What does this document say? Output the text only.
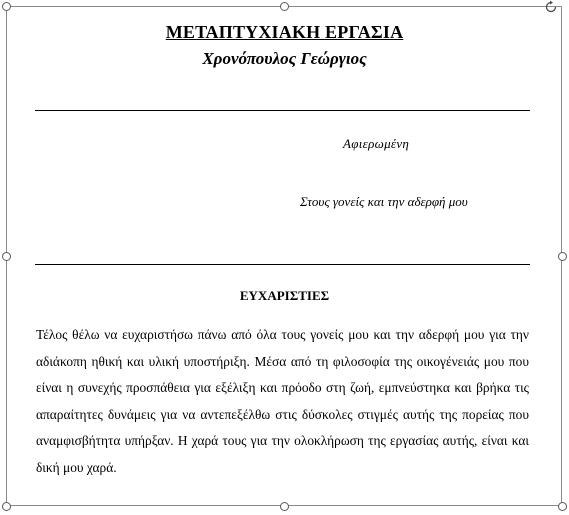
ΜΕΤΑΠΤΥΧΙΑΚΗ ΕΡΓΑΣΙΑ
Χρονόπουλος Γεώργιος
Αφιερωμένη
Στους γονείς και την αδερφή μου
ΕΥΧΑΡΙΣΤΙΕΣ
Τέλος θέλω να ευχαριστήσω πάνω από όλα τους γονείς μου και την αδερφή μου για την αδιάκοπη ηθική και υλική υποστήριξη. Μέσα από τη φιλοσοφία της οικογένειάς μου που είναι η συνεχής προσπάθεια για εξέλιξη και πρόοδο στη ζωή, εμπνεύστηκα και βρήκα τις απαραίτητες δυνάμεις για να αντεπεξέλθω στις δύσκολες στιγμές αυτής της πορείας που αναμφισβήτητα υπήρξαν. Η χαρά τους για την ολοκλήρωση της εργασίας αυτής, είναι και δική μου χαρά.
